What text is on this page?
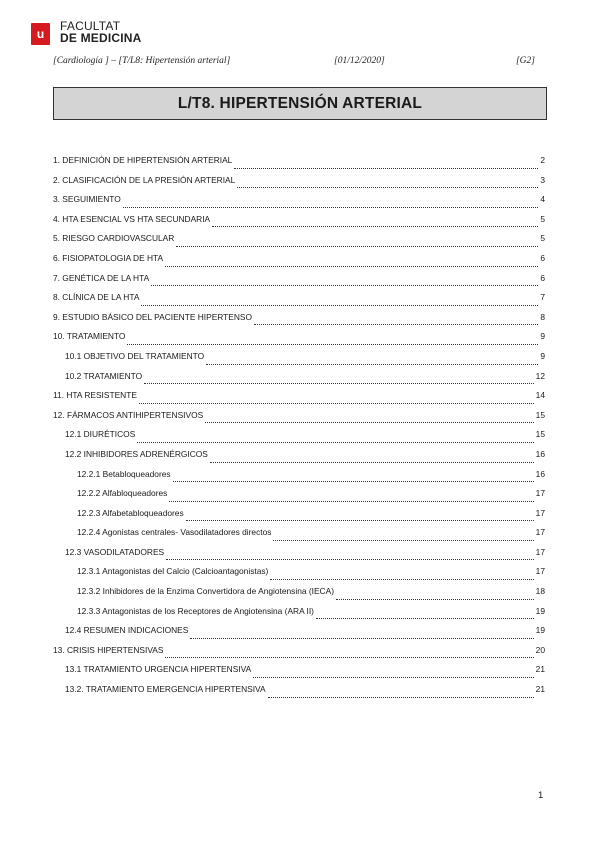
u
FACULTAT
DE MEDICINA
[Cardiología ] – [T/L8: Hipertensión arterial]	[01/12/2020]	[G2]
L/T8. HIPERTENSIÓN ARTERIAL
1. DEFINICIÓN DE HIPERTENSIÓN ARTERIAL	2
2. CLASIFICACIÓN DE LA PRESIÓN ARTERIAL	3
3. SEGUIMIENTO	4
4. HTA ESENCIAL VS HTA SECUNDARIA	5
5. RIESGO CARDIOVASCULAR	5
6. FISIOPATOLOGIA DE HTA	6
7. GENÉTICA DE LA HTA	6
8. CLÍNICA DE LA HTA	7
9. ESTUDIO BÁSICO DEL PACIENTE HIPERTENSO	8
10. TRATAMIENTO	9
10.1 OBJETIVO DEL TRATAMIENTO	9
10.2 TRATAMIENTO	12
11. HTA RESISTENTE	14
12. FÁRMACOS ANTIHIPERTENSIVOS	15
12.1 DIURÉTICOS	15
12.2 INHIBIDORES ADRENÉRGICOS	16
12.2.1 Betabloqueadores	16
12.2.2 Alfabloqueadores	17
12.2.3 Alfabetabloqueadores	17
12.2.4 Agonistas centrales- Vasodilatadores directos	17
12.3 VASODILATADORES	17
12.3.1 Antagonistas del Calcio (Calcioantagonistas)	17
12.3.2 Inhibidores de la Enzima Convertidora de Angiotensina (IECA)	18
12.3.3 Antagonistas de los Receptores de Angiotensina (ARA II)	19
12.4 RESUMEN INDICACIONES	19
13. CRISIS HIPERTENSIVAS	20
13.1 TRATAMIENTO URGENCIA HIPERTENSIVA	21
13.2. TRATAMIENTO EMERGENCIA HIPERTENSIVA	21
1
